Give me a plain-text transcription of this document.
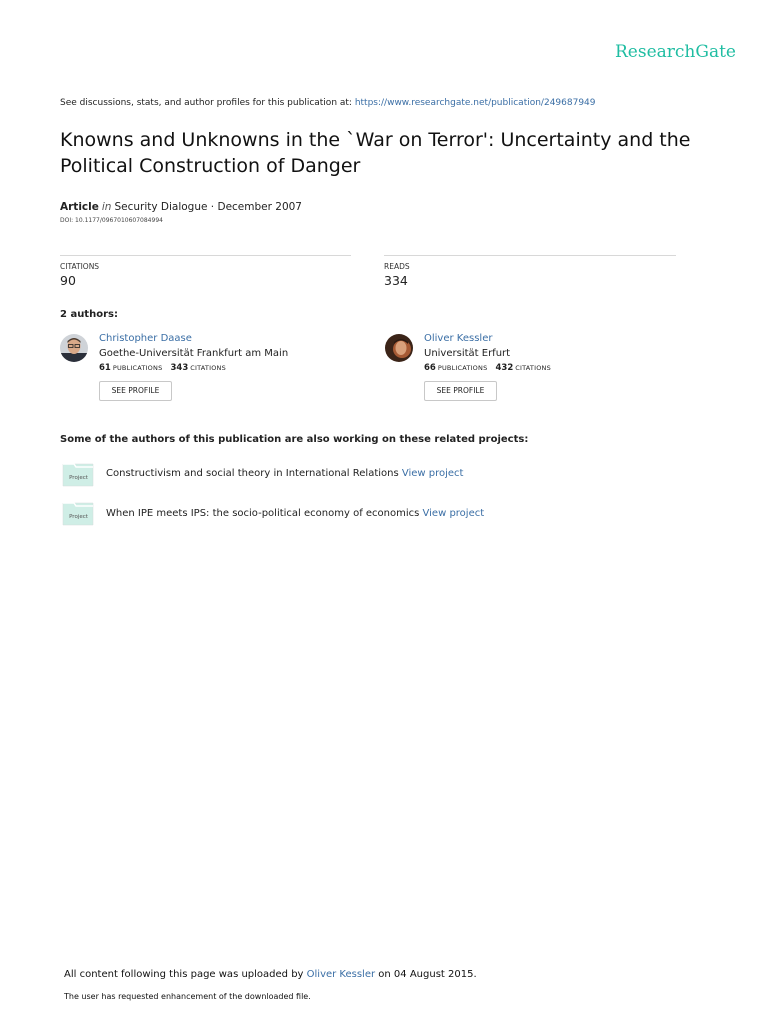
ResearchGate
See discussions, stats, and author profiles for this publication at: https://www.researchgate.net/publication/249687949
Knowns and Unknowns in the `War on Terror': Uncertainty and the Political Construction of Danger
Article in Security Dialogue · December 2007
DOI: 10.1177/0967010607084994
CITATIONS
90
READS
334
2 authors:
Christopher Daase
Goethe-Universität Frankfurt am Main
61 PUBLICATIONS 343 CITATIONS
SEE PROFILE
Oliver Kessler
Universität Erfurt
66 PUBLICATIONS 432 CITATIONS
SEE PROFILE
Some of the authors of this publication are also working on these related projects:
Project Constructivism and social theory in International Relations View project
Project When IPE meets IPS: the socio-political economy of economics View project
All content following this page was uploaded by Oliver Kessler on 04 August 2015.
The user has requested enhancement of the downloaded file.
